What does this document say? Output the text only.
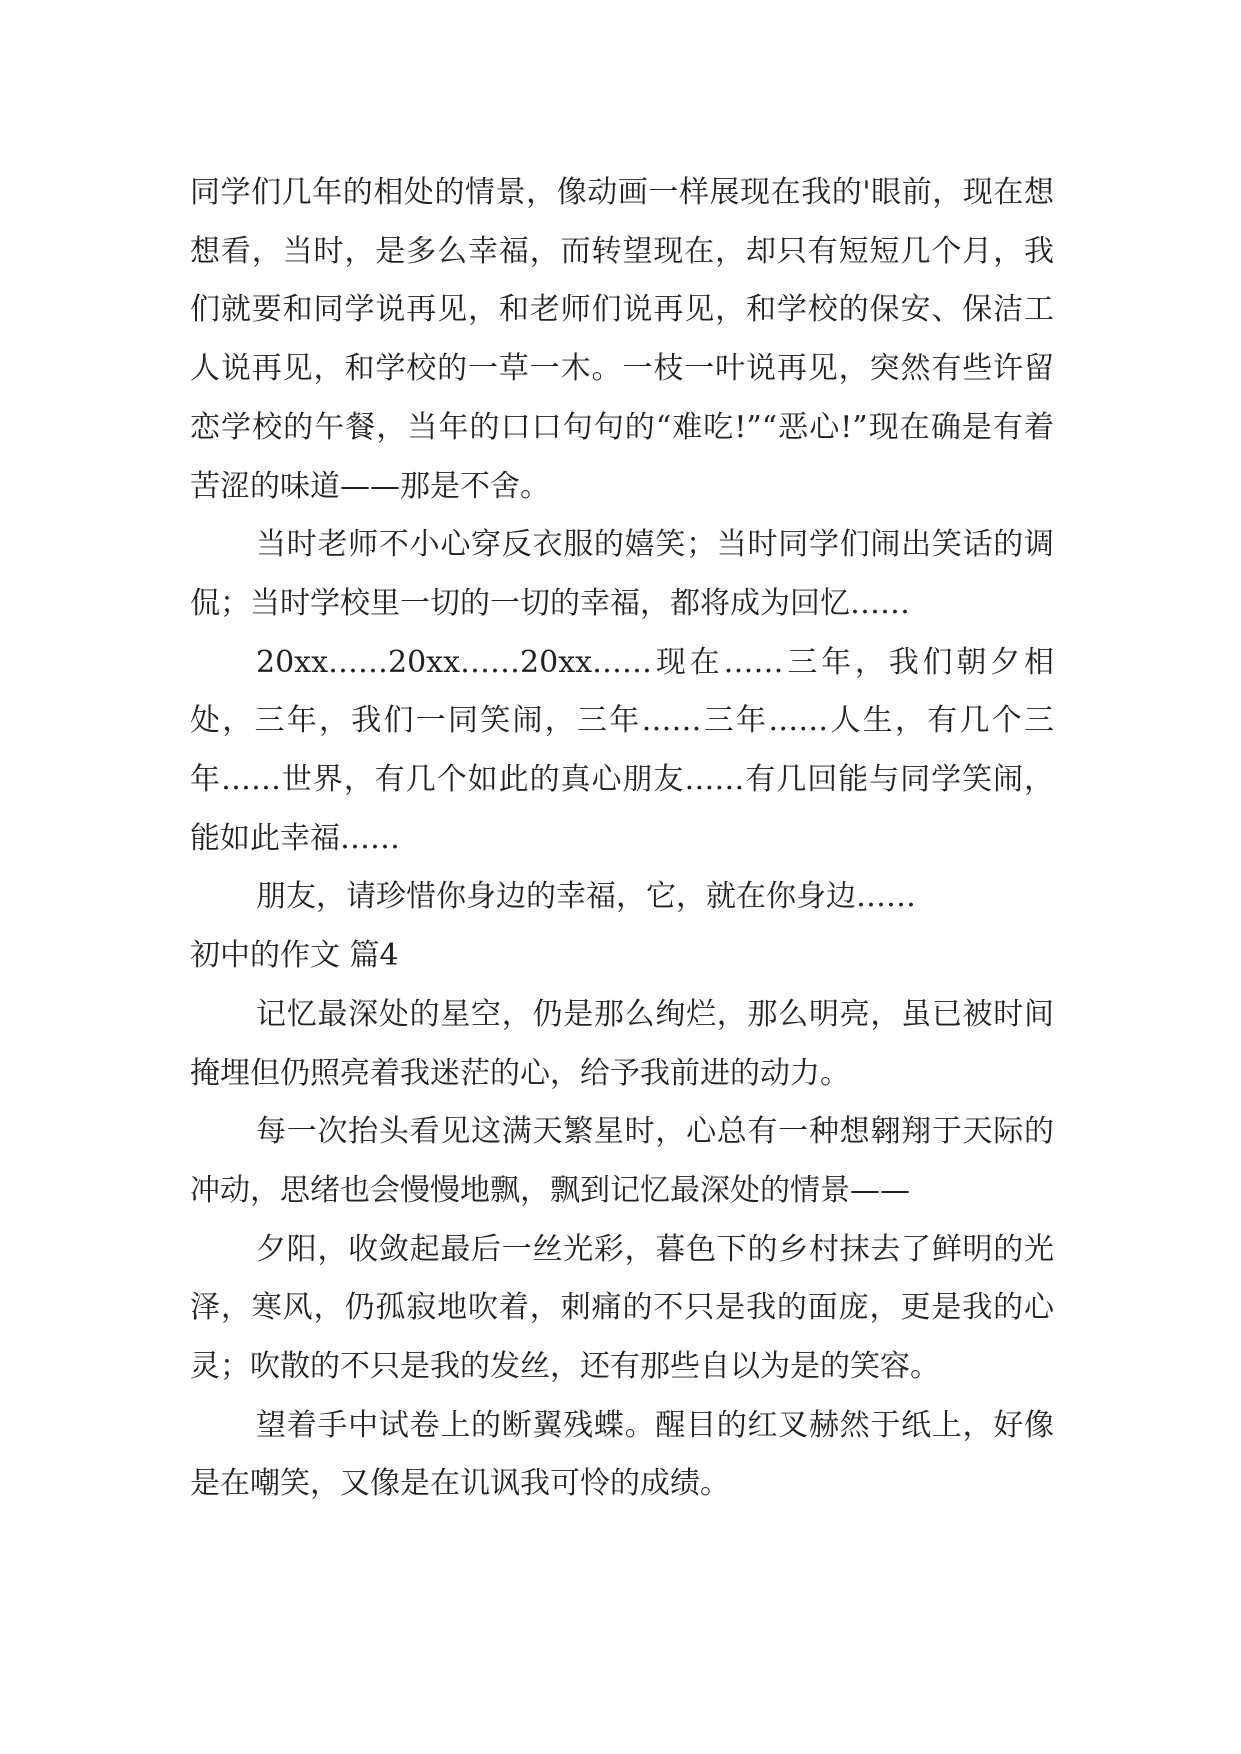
同学们几年的相处的情景，像动画一样展现在我的'眼前，现在想想看，当时，是多么幸福，而转望现在，却只有短短几个月，我们就要和同学说再见，和老师们说再见，和学校的保安、保洁工人说再见，和学校的一草一木。一枝一叶说再见，突然有些许留恋学校的午餐，当年的口口句句的“难吃!”“恶心!”现在确是有着苦涩的味道——那是不舍。

当时老师不小心穿反衣服的嬉笑；当时同学们闹出笑话的调侃；当时学校里一切的一切的幸福，都将成为回忆……

20xx……20xx……20xx……现在……三年，我们朝夕相处，三年，我们一同笑闹，三年……三年……人生，有几个三年……世界，有几个如此的真心朋友……有几回能与同学笑闹，能如此幸福……

朋友，请珍惜你身边的幸福，它，就在你身边……

初中的作文 篇4

记忆最深处的星空，仍是那么绚烂，那么明亮，虽已被时间掩埋但仍照亮着我迷茫的心，给予我前进的动力。

每一次抬头看见这满天繁星时，心总有一种想翱翔于天际的冲动，思绪也会慢慢地飘，飘到记忆最深处的情景——

夕阳，收敛起最后一丝光彩，暮色下的乡村抹去了鲜明的光泽，寒风，仍孤寂地吹着，刺痛的不只是我的面庞，更是我的心灵；吹散的不只是我的发丝，还有那些自以为是的笑容。

望着手中试卷上的断翼残蝶。醒目的红叉赫然于纸上，好像是在嘲笑，又像是在讥讽我可怜的成绩。
